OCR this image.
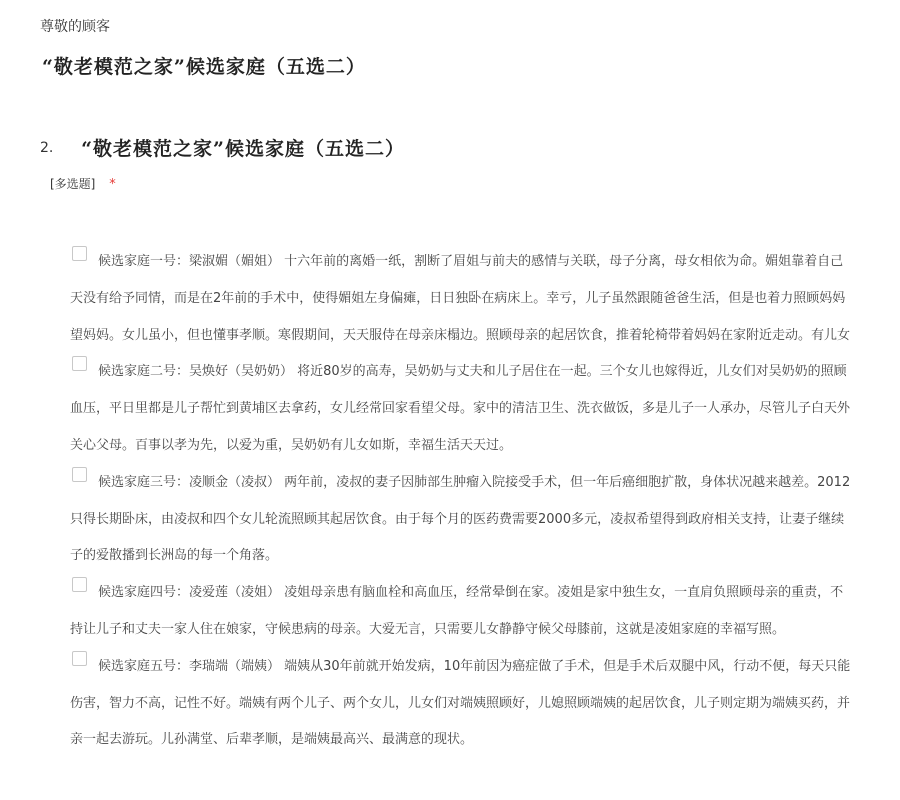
尊敬的顾客
“敬老模范之家”候选家庭（五选二）
2. “敬老模范之家”候选家庭（五选二）
[多选题] *
候选家庭一号：梁淑媚（媚姐） 十六年前的离婚一纸，割断了眉姐与前夫的感情与关联，母子分离，母女相依为命。媚姐靠着自己
天没有给予同情，而是在2年前的手术中，使得媚姐左身偏瘫，日日独卧在病床上。幸亏，儿子虽然跟随爸爸生活，但是也着力照顾妈妈
望妈妈。女儿虽小，但也懂事孝顺。寒假期间，天天服侍在母亲床榻边。照顾母亲的起居饮食，推着轮椅带着妈妈在家附近走动。有儿女
候选家庭二号：吴焕好（吴奶奶） 将近80岁的高寿，吴奶奶与丈夫和儿子居住在一起。三个女儿也嫁得近，儿女们对吴奶奶的照顾
血压，平日里都是儿子帮忙到黄埔区去拿药，女儿经常回家看望父母。家中的清洁卫生、洗衣做饭，多是儿子一人承办，尽管儿子白天外
关心父母。百事以孝为先，以爱为重，吴奶奶有儿女如斯，幸福生活天天过。
候选家庭三号：凌顺金（凌叔） 两年前，凌叔的妻子因肺部生肿瘤入院接受手术，但一年后癌细胞扩散，身体状况越来越差。2012
只得长期卧床，由凌叔和四个女儿轮流照顾其起居饮食。由于每个月的医药费需要2000多元，凌叔希望得到政府相关支持，让妻子继续
子的爱散播到长洲岛的每一个角落。
候选家庭四号：凌爱莲（凌姐） 凌姐母亲患有脑血栓和高血压，经常晕倒在家。凌姐是家中独生女，一直肩负照顾母亲的重责，不
持让儿子和丈夫一家人住在娘家，守候患病的母亲。大爱无言，只需要儿女静静守候父母膝前，这就是凌姐家庭的幸福写照。
候选家庭五号：李瑞端（端姨） 端姨从30年前就开始发病，10年前因为癌症做了手术，但是手术后双腿中风，行动不便，每天只能
伤害，智力不高，记性不好。端姨有两个儿子、两个女儿，儿女们对端姨照顾好，儿媳照顾端姨的起居饮食，儿子则定期为端姨买药，并
亲一起去游玩。儿孙满堂、后辈孝顺，是端姨最高兴、最满意的现状。
